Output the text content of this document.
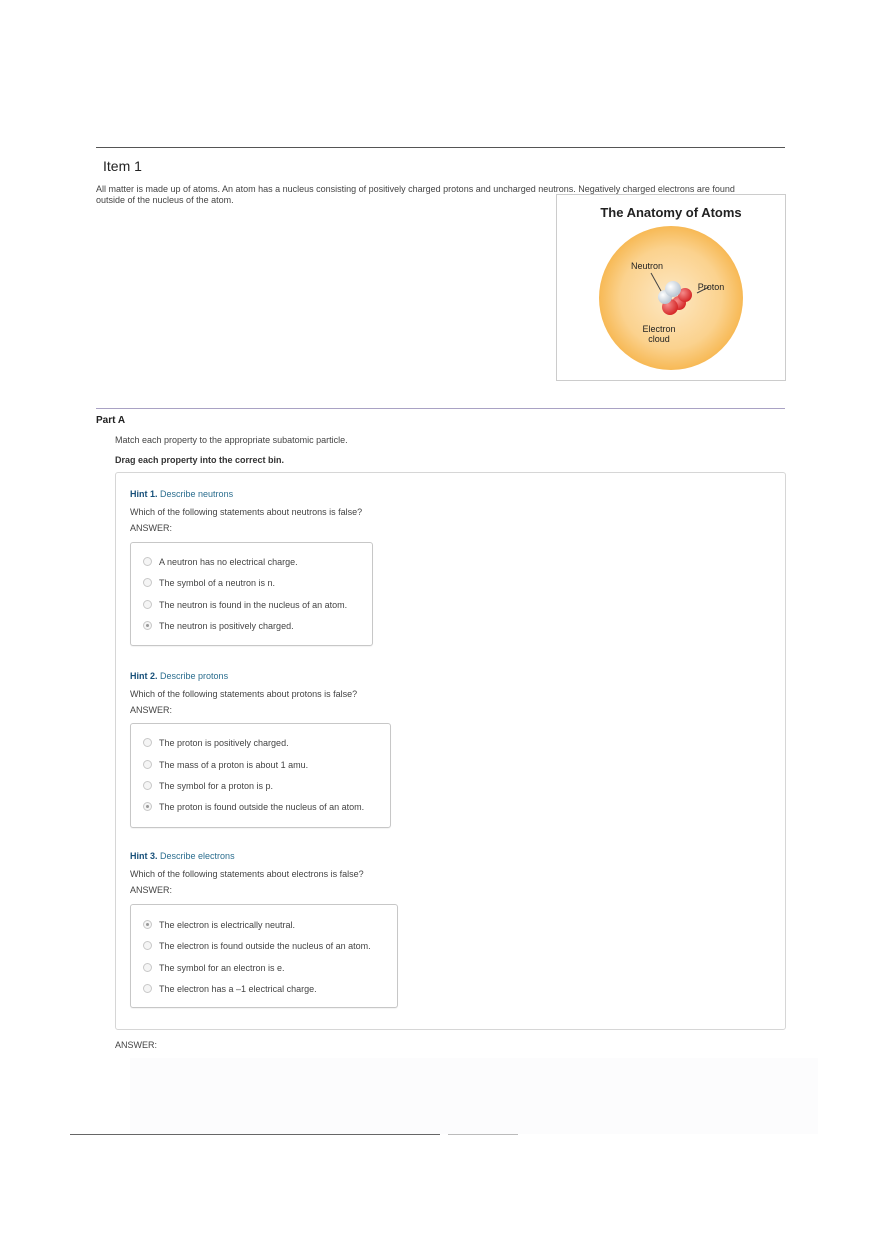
Item 1
All matter is made up of atoms. An atom has a nucleus consisting of positively charged protons and uncharged neutrons. Negatively charged electrons are found outside of the nucleus of the atom.
The Anatomy of Atoms
Neutron
Proton
Electron
cloud
Part A
Match each property to the appropriate subatomic particle.
Drag each property into the correct bin.
Hint 1. Describe neutrons
Which of the following statements about neutrons is false?
ANSWER:
A neutron has no electrical charge.
The symbol of a neutron is n.
The neutron is found in the nucleus of an atom.
The neutron is positively charged.
Hint 2. Describe protons
Which of the following statements about protons is false?
ANSWER:
The proton is positively charged.
The mass of a proton is about 1 amu.
The symbol for a proton is p.
The proton is found outside the nucleus of an atom.
Hint 3. Describe electrons
Which of the following statements about electrons is false?
ANSWER:
The electron is electrically neutral.
The electron is found outside the nucleus of an atom.
The symbol for an electron is e.
The electron has a –1 electrical charge.
ANSWER:
